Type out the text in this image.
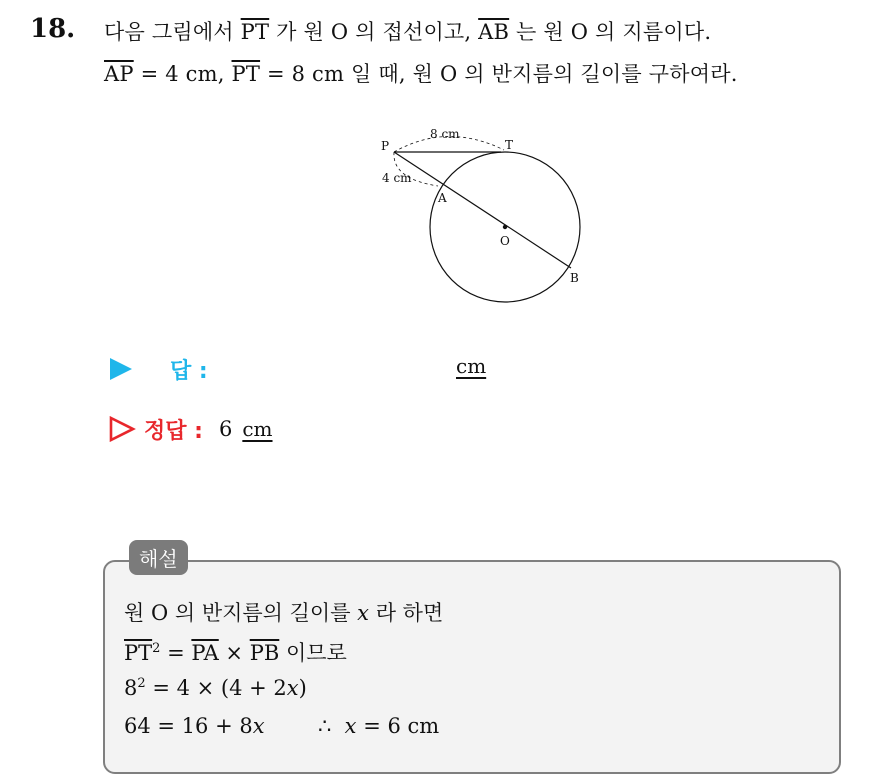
18. 다음 그림에서 $\overline{PT}$ 가 원 O 의 접선이고, $\overline{AB}$ 는 원 O 의 지름이다.
$\overline{AP} = 4$ cm, $\overline{PT} = 8$ cm 일 때, 원 O 의 반지름의 길이를 구하여라.
P	T
A
O
B
8 cm
4 cm
답 :	cm
정답 : 6 cm
해설
원 O 의 반지름의 길이를 x 라 하면
$\overline{PT}^2 = \overline{PA} \times \overline{PB}$ 이므로
$8^2 = 4 \times (4 + 2x)$
64 = 16 + 8x        ∴  x = 6 cm
